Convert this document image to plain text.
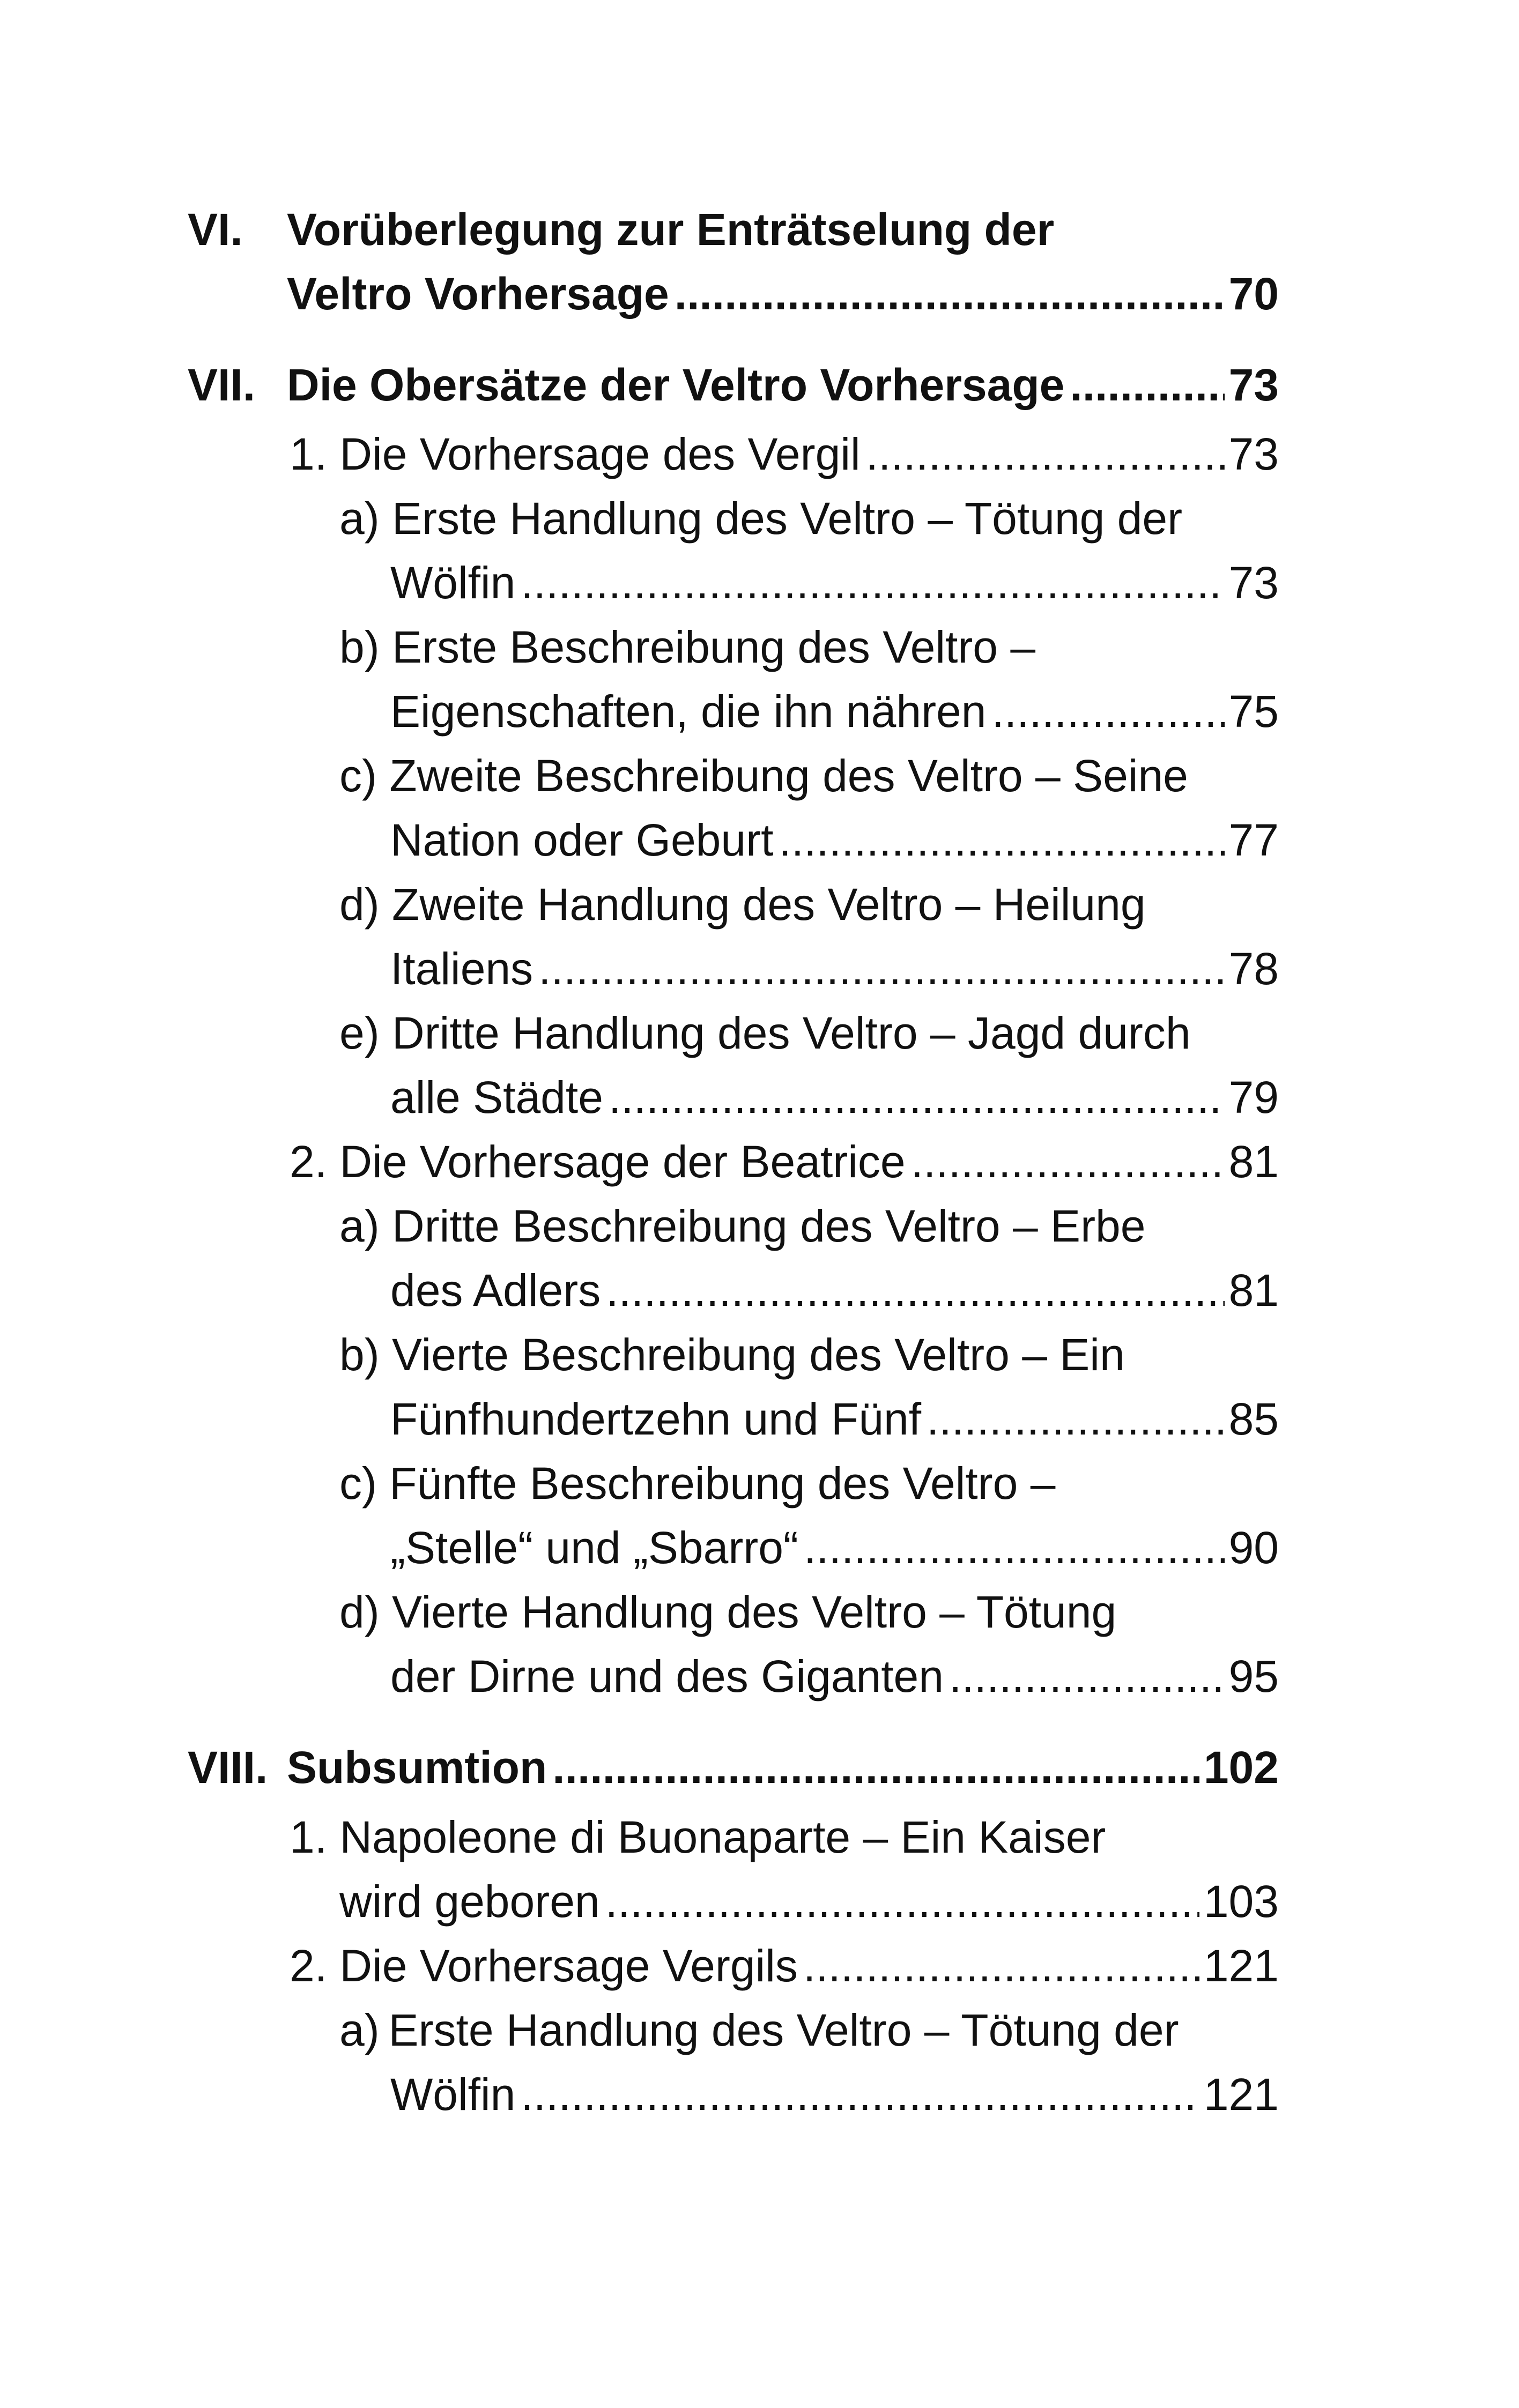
VI. Vorüberlegung zur Enträtselung der
Veltro Vorhersage .....	70
VII. Die Obersätze der Veltro Vorhersage .....	73
1. Die Vorhersage des Vergil .....	73
a) Erste Handlung des Veltro – Tötung der
Wölfin .....	73
b) Erste Beschreibung des Veltro –
Eigenschaften, die ihn nähren .....	75
c) Zweite Beschreibung des Veltro – Seine
Nation oder Geburt .....	77
d) Zweite Handlung des Veltro – Heilung
Italiens .....	78
e) Dritte Handlung des Veltro – Jagd durch
alle Städte .....	79
2. Die Vorhersage der Beatrice .....	81
a) Dritte Beschreibung des Veltro – Erbe
des Adlers .....	81
b) Vierte Beschreibung des Veltro – Ein
Fünfhundertzehn und Fünf .....	85
c) Fünfte Beschreibung des Veltro –
„Stelle“ und „Sbarro“ .....	90
d) Vierte Handlung des Veltro – Tötung
der Dirne und des Giganten .....	95
VIII. Subsumtion .....	102
1. Napoleone di Buonaparte – Ein Kaiser
wird geboren .....	103
2. Die Vorhersage Vergils .....	121
a) Erste Handlung des Veltro – Tötung der
Wölfin .....	121
